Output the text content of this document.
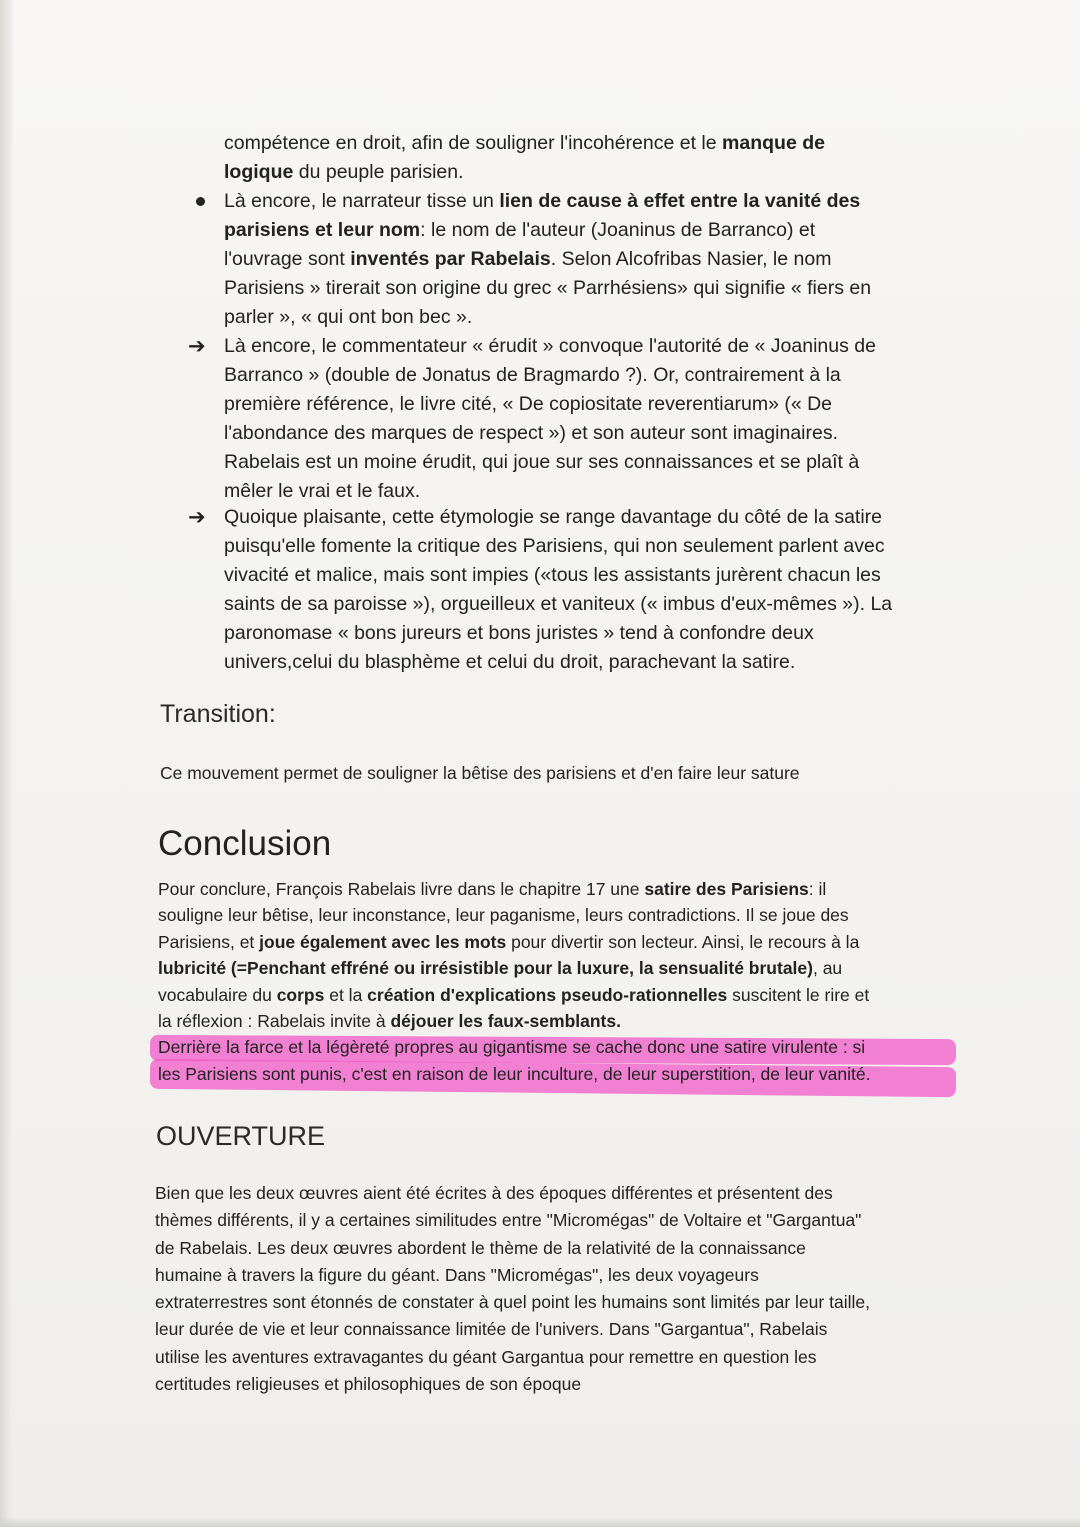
compétence en droit, afin de souligner l'incohérence et le manque de
logique du peuple parisien.
Là encore, le narrateur tisse un lien de cause à effet entre la vanité des
parisiens et leur nom: le nom de l'auteur (Joaninus de Barranco) et
l'ouvrage sont inventés par Rabelais. Selon Alcofribas Nasier, le nom
Parisiens » tirerait son origine du grec « Parrhésiens» qui signifie « fiers en
parler », « qui ont bon bec ».
➔ Là encore, le commentateur « érudit » convoque l'autorité de « Joaninus de
Barranco » (double de Jonatus de Bragmardo ?). Or, contrairement à la
première référence, le livre cité, « De copiositate reverentiarum» (« De
l'abondance des marques de respect ») et son auteur sont imaginaires.
Rabelais est un moine érudit, qui joue sur ses connaissances et se plaît à
mêler le vrai et le faux.
➔ Quoique plaisante, cette étymologie se range davantage du côté de la satire
puisqu'elle fomente la critique des Parisiens, qui non seulement parlent avec
vivacité et malice, mais sont impies («tous les assistants jurèrent chacun les
saints de sa paroisse »), orgueilleux et vaniteux (« imbus d'eux-mêmes »). La
paronomase « bons jureurs et bons juristes » tend à confondre deux
univers,celui du blasphème et celui du droit, parachevant la satire.
Transition:
Ce mouvement permet de souligner la bêtise des parisiens et d'en faire leur sature
Conclusion
Pour conclure, François Rabelais livre dans le chapitre 17 une satire des Parisiens: il
souligne leur bêtise, leur inconstance, leur paganisme, leurs contradictions. Il se joue des
Parisiens, et joue également avec les mots pour divertir son lecteur. Ainsi, le recours à la
lubricité (=Penchant effréné ou irrésistible pour la luxure, la sensualité brutale), au
vocabulaire du corps et la création d'explications pseudo-rationnelles suscitent le rire et
la réflexion : Rabelais invite à déjouer les faux-semblants.
Derrière la farce et la légèreté propres au gigantisme se cache donc une satire virulente : si
les Parisiens sont punis, c'est en raison de leur inculture, de leur superstition, de leur vanité.
OUVERTURE
Bien que les deux œuvres aient été écrites à des époques différentes et présentent des
thèmes différents, il y a certaines similitudes entre "Micromégas" de Voltaire et "Gargantua"
de Rabelais. Les deux œuvres abordent le thème de la relativité de la connaissance
humaine à travers la figure du géant. Dans "Micromégas", les deux voyageurs
extraterrestres sont étonnés de constater à quel point les humains sont limités par leur taille,
leur durée de vie et leur connaissance limitée de l'univers. Dans "Gargantua", Rabelais
utilise les aventures extravagantes du géant Gargantua pour remettre en question les
certitudes religieuses et philosophiques de son époque
